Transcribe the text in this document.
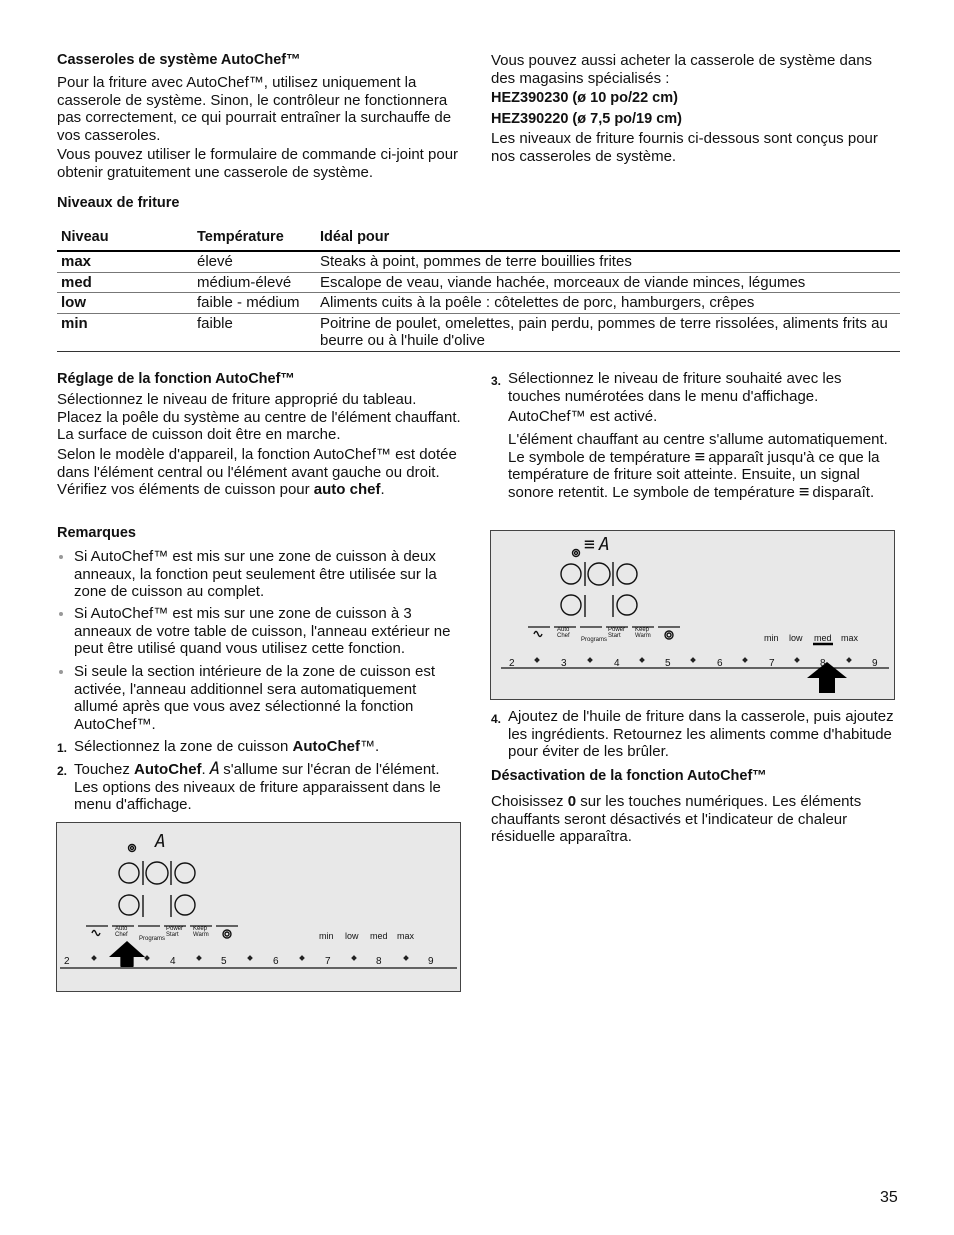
Casseroles de système AutoChef™

Pour la friture avec AutoChef™, utilisez uniquement la casserole de système. Sinon, le contrôleur ne fonctionnera pas correctement, ce qui pourrait entraîner la surchauffe de vos casseroles.

Vous pouvez utiliser le formulaire de commande ci-joint pour obtenir gratuitement une casserole de système.

Vous pouvez aussi acheter la casserole de système dans des magasins spécialisés :

HEZ390230 (ø 10 po/22 cm)

HEZ390220 (ø 7,5 po/19 cm)

Les niveaux de friture fournis ci-dessous sont conçus pour nos casseroles de système.

Niveaux de friture
Niveau	Température	Idéal pour
max	élevé	Steaks à point, pommes de terre bouillies frites
med	médium-élevé	Escalope de veau, viande hachée, morceaux de viande minces, légumes
low	faible - médium	Aliments cuits à la poêle : côtelettes de porc, hamburgers, crêpes
min	faible	Poitrine de poulet, omelettes, pain perdu, pommes de terre rissolées, aliments frits au beurre ou à l'huile d'olive
Réglage de la fonction AutoChef™

Sélectionnez le niveau de friture approprié du tableau. Placez la poêle du système au centre de l'élément chauffant. La surface de cuisson doit être en marche.

Selon le modèle d'appareil, la fonction AutoChef™ est dotée dans l'élément central ou l'élément avant gauche ou droit. Vérifiez vos éléments de cuisson pour auto chef.

Remarques

Si AutoChef™ est mis sur une zone de cuisson à deux anneaux, la fonction peut seulement être utilisée sur la zone de cuisson au complet.

Si AutoChef™ est mis sur une zone de cuisson à 3 anneaux de votre table de cuisson, l'anneau extérieur ne peut être utilisé quand vous utilisez cette fonction.

Si seule la section intérieure de la zone de cuisson est activée, l'anneau additionnel sera automatiquement allumé après que vous avez sélectionné la fonction AutoChef™.

1. Sélectionnez la zone de cuisson AutoChef™.

2. Touchez AutoChef. A s'allume sur l'écran de l'élément. Les options des niveaux de friture apparaissent dans le menu d'affichage.

Auto Chef
Programs
Power Start
Keep Warm	min low med max
2	4	5	6	7	8	9
A
3. Sélectionnez le niveau de friture souhaité avec les touches numérotées dans le menu d'affichage.

AutoChef™ est activé.

L'élément chauffant au centre s'allume automatiquement. Le symbole de température ≡ apparaît jusqu'à ce que la température de friture soit atteinte. Ensuite, un signal sonore retentit. Le symbole de température ≡ disparaît.

≡ A
Auto Chef
Programs
Power Start
Keep Warm	min low med max
2	3	4	5	6	7	8	9
4. Ajoutez de l'huile de friture dans la casserole, puis ajoutez les ingrédients. Retournez les aliments comme d'habitude pour éviter de les brûler.

Désactivation de la fonction AutoChef™

Choisissez 0 sur les touches numériques. Les éléments chauffants seront désactivés et l'indicateur de chaleur résiduelle apparaîtra.

35
